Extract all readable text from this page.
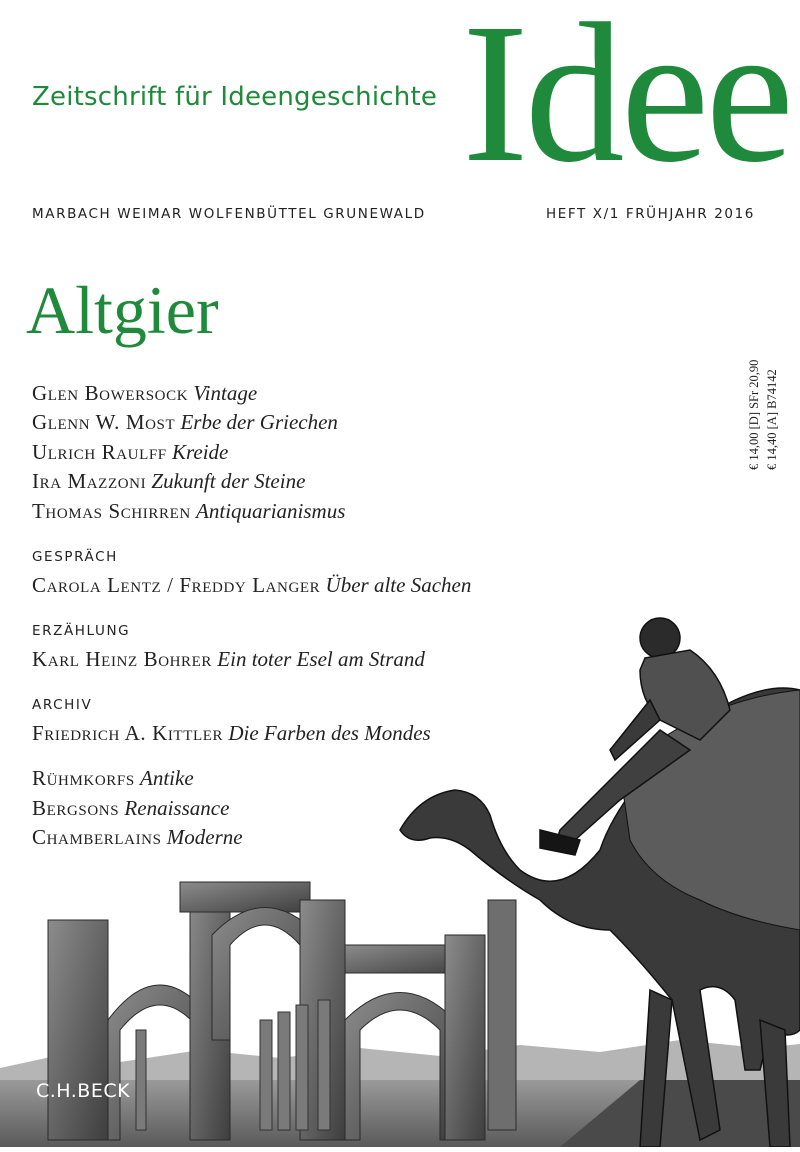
Zeitschrift für Ideengeschichte Idee
MARBACH WEIMAR WOLFENBÜTTEL GRUNEWALD	HEFT X/1 FRÜHJAHR 2016
Altgier
Glen Bowersock Vintage
Glenn W. Most Erbe der Griechen
Ulrich Raulff Kreide
Ira Mazzoni Zukunft der Steine
Thomas Schirren Antiquarianismus
GESPRÄCH
Carola Lentz / Freddy Langer Über alte Sachen
ERZÄHLUNG
Karl Heinz Bohrer Ein toter Esel am Strand
ARCHIV
Friedrich A. Kittler Die Farben des Mondes
Rühmkorfs Antike
Bergsons Renaissance
Chamberlains Moderne
€ 14,00 [D] SFr 20,90 € 14,40 [A] B74142
C.H.BECK
